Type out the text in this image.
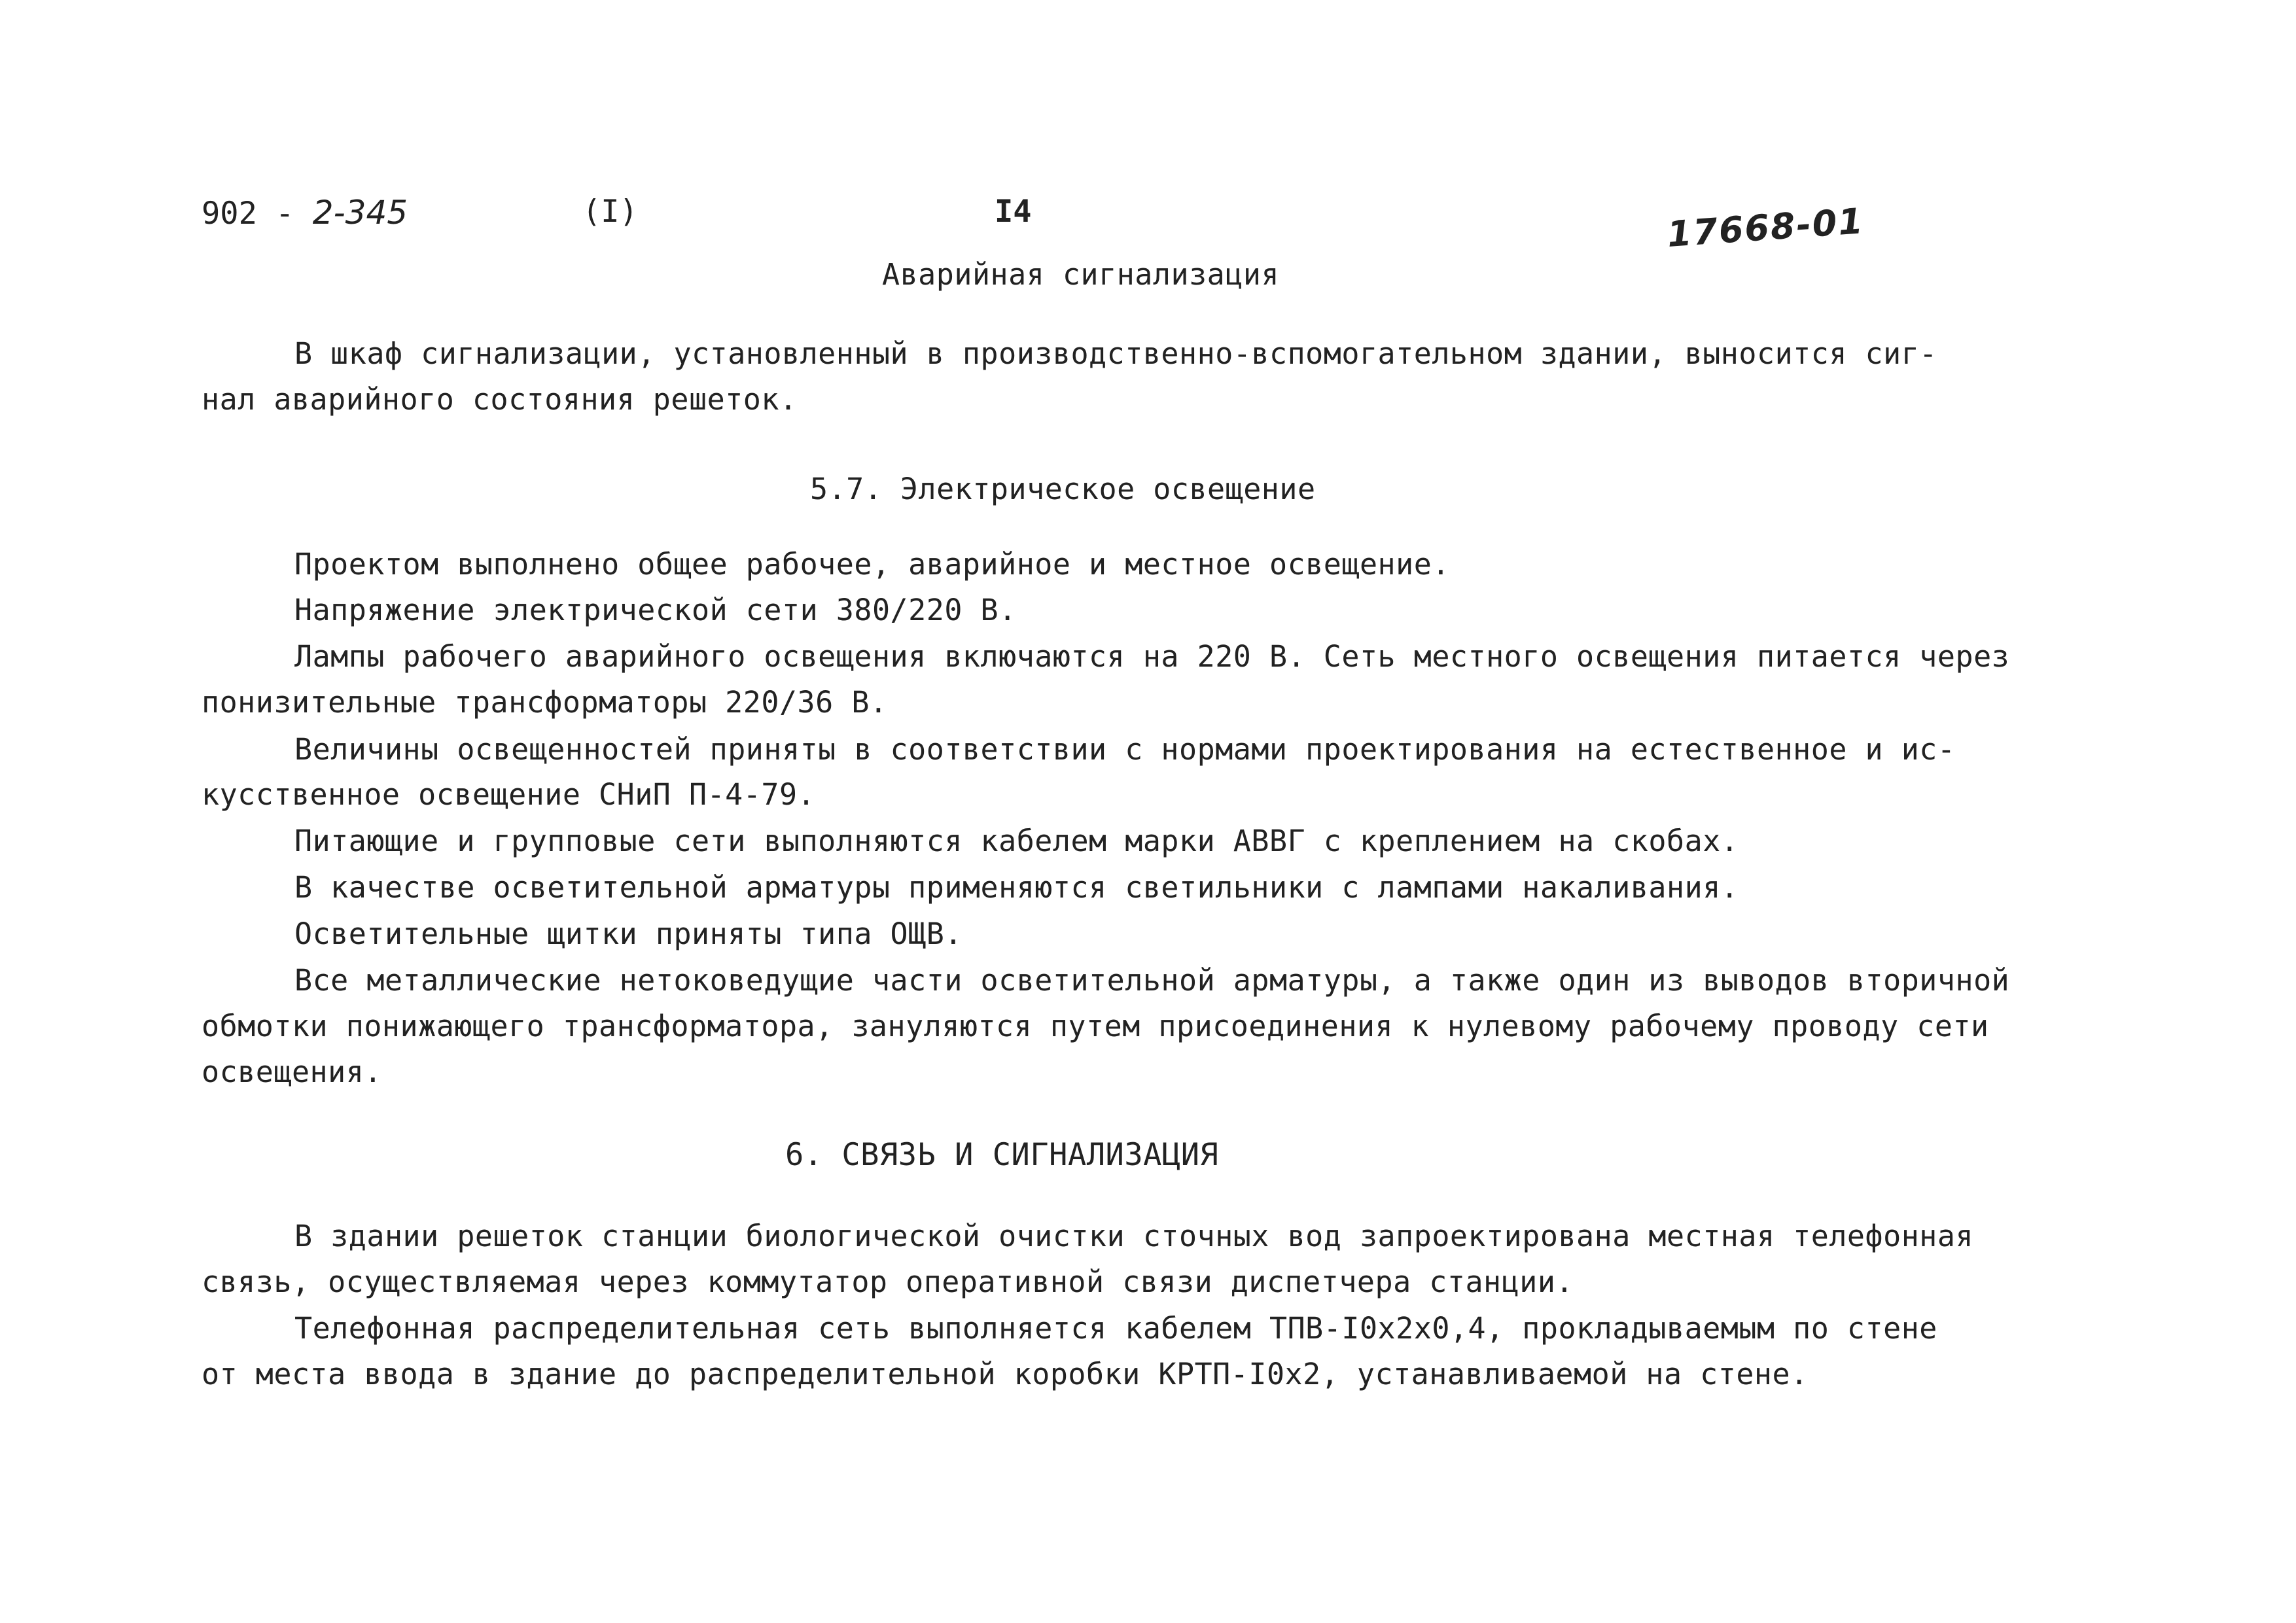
902 - 2-345	(I)	I4	17668-01
Аварийная сигнализация
В шкаф сигнализации, установленный в производственно-вспомогательном здании, выносится сиг-
нал аварийного состояния решеток.
5.7. Электрическое освещение
Проектом выполнено общее рабочее, аварийное и местное освещение.
Напряжение электрической сети 380/220 В.
Лампы рабочего аварийного освещения включаются на 220 В. Сеть местного освещения питается через
понизительные трансформаторы 220/36 В.
Величины освещенностей приняты в соответствии с нормами проектирования на естественное и ис-
кусственное освещение СНиП П-4-79.
Питающие и групповые сети выполняются кабелем марки АВВГ с креплением на скобах.
В качестве осветительной арматуры применяются светильники с лампами накаливания.
Осветительные щитки приняты типа ОЩВ.
Все металлические нетоковедущие части осветительной арматуры, а также один из выводов вторичной
обмотки понижающего трансформатора, зануляются путем присоединения к нулевому рабочему проводу сети
освещения.
6. СВЯЗЬ И СИГНАЛИЗАЦИЯ
В здании решеток станции биологической очистки сточных вод запроектирована местная телефонная
связь, осуществляемая через коммутатор оперативной связи диспетчера станции.
Телефонная распределительная сеть выполняется кабелем ТПВ-I0x2x0,4, прокладываемым по стене
от места ввода в здание до распределительной коробки КРТП-I0x2, устанавливаемой на стене.
